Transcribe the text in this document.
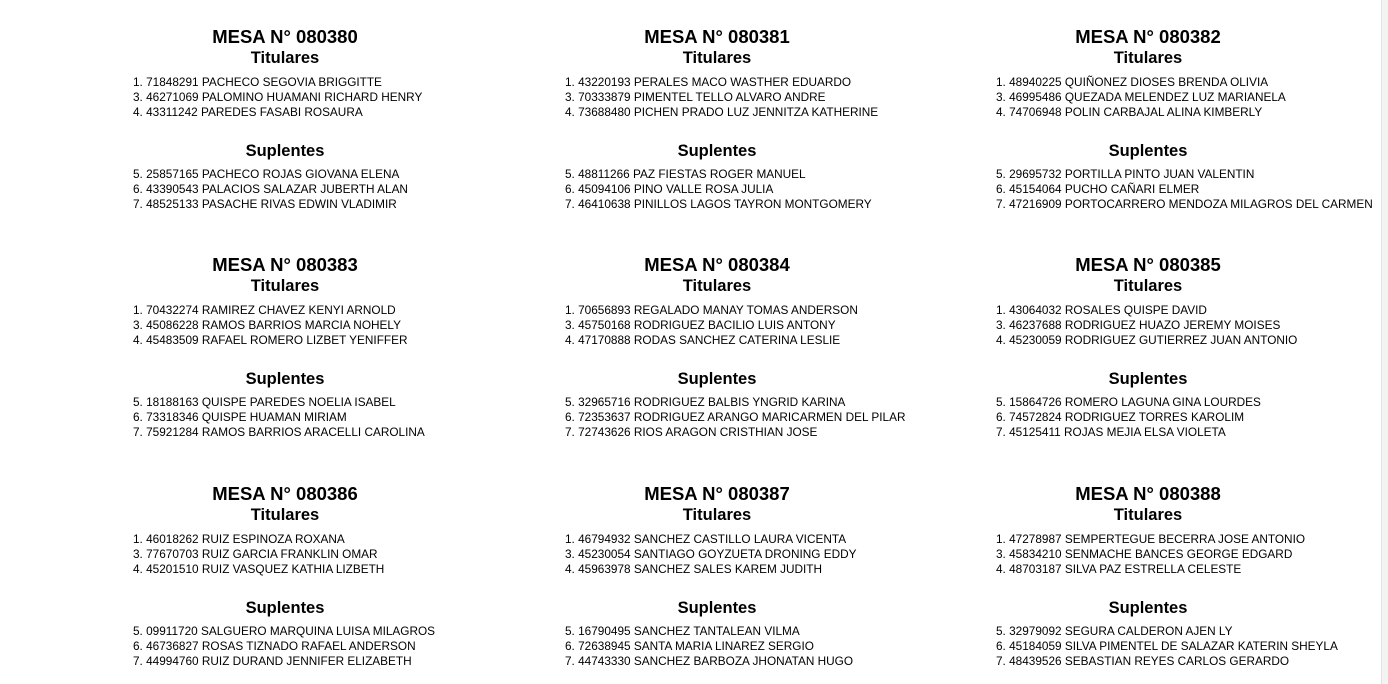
MESA N° 080380
Titulares
1. 71848291 PACHECO SEGOVIA BRIGGITTE
3. 46271069 PALOMINO HUAMANI RICHARD HENRY
4. 43311242 PAREDES FASABI ROSAURA
Suplentes
5. 25857165 PACHECO ROJAS GIOVANA ELENA
6. 43390543 PALACIOS SALAZAR JUBERTH ALAN
7. 48525133 PASACHE RIVAS EDWIN VLADIMIR
MESA N° 080381
Titulares
1. 43220193 PERALES MACO WASTHER EDUARDO
3. 70333879 PIMENTEL TELLO ALVARO ANDRE
4. 73688480 PICHEN PRADO LUZ JENNITZA KATHERINE
Suplentes
5. 48811266 PAZ FIESTAS ROGER MANUEL
6. 45094106 PINO VALLE ROSA JULIA
7. 46410638 PINILLOS LAGOS TAYRON MONTGOMERY
MESA N° 080382
Titulares
1. 48940225 QUIÑONEZ DIOSES BRENDA OLIVIA
3. 46995486 QUEZADA MELENDEZ LUZ MARIANELA
4. 74706948 POLIN CARBAJAL ALINA KIMBERLY
Suplentes
5. 29695732 PORTILLA PINTO JUAN VALENTIN
6. 45154064 PUCHO CAÑARI ELMER
7. 47216909 PORTOCARRERO MENDOZA MILAGROS DEL CARMEN
MESA N° 080383
Titulares
1. 70432274 RAMIREZ CHAVEZ KENYI ARNOLD
3. 45086228 RAMOS BARRIOS MARCIA NOHELY
4. 45483509 RAFAEL ROMERO LIZBET YENIFFER
Suplentes
5. 18188163 QUISPE PAREDES NOELIA ISABEL
6. 73318346 QUISPE HUAMAN MIRIAM
7. 75921284 RAMOS BARRIOS ARACELLI CAROLINA
MESA N° 080384
Titulares
1. 70656893 REGALADO MANAY TOMAS ANDERSON
3. 45750168 RODRIGUEZ BACILIO LUIS ANTONY
4. 47170888 RODAS SANCHEZ CATERINA LESLIE
Suplentes
5. 32965716 RODRIGUEZ BALBIS YNGRID KARINA
6. 72353637 RODRIGUEZ ARANGO MARICARMEN DEL PILAR
7. 72743626 RIOS ARAGON CRISTHIAN JOSE
MESA N° 080385
Titulares
1. 43064032 ROSALES QUISPE DAVID
3. 46237688 RODRIGUEZ HUAZO JEREMY MOISES
4. 45230059 RODRIGUEZ GUTIERREZ JUAN ANTONIO
Suplentes
5. 15864726 ROMERO LAGUNA GINA LOURDES
6. 74572824 RODRIGUEZ TORRES KAROLIM
7. 45125411 ROJAS MEJIA ELSA VIOLETA
MESA N° 080386
Titulares
1. 46018262 RUIZ ESPINOZA ROXANA
3. 77670703 RUIZ GARCIA FRANKLIN OMAR
4. 45201510 RUIZ VASQUEZ KATHIA LIZBETH
Suplentes
5. 09911720 SALGUERO MARQUINA LUISA MILAGROS
6. 46736827 ROSAS TIZNADO RAFAEL ANDERSON
7. 44994760 RUIZ DURAND JENNIFER ELIZABETH
MESA N° 080387
Titulares
1. 46794932 SANCHEZ CASTILLO LAURA VICENTA
3. 45230054 SANTIAGO GOYZUETA DRONING EDDY
4. 45963978 SANCHEZ SALES KAREM JUDITH
Suplentes
5. 16790495 SANCHEZ TANTALEAN VILMA
6. 72638945 SANTA MARIA LINAREZ SERGIO
7. 44743330 SANCHEZ BARBOZA JHONATAN HUGO
MESA N° 080388
Titulares
1. 47278987 SEMPERTEGUE BECERRA JOSE ANTONIO
3. 45834210 SENMACHE BANCES GEORGE EDGARD
4. 48703187 SILVA PAZ ESTRELLA CELESTE
Suplentes
5. 32979092 SEGURA CALDERON AJEN LY
6. 45184059 SILVA PIMENTEL DE SALAZAR KATERIN SHEYLA
7. 48439526 SEBASTIAN REYES CARLOS GERARDO
